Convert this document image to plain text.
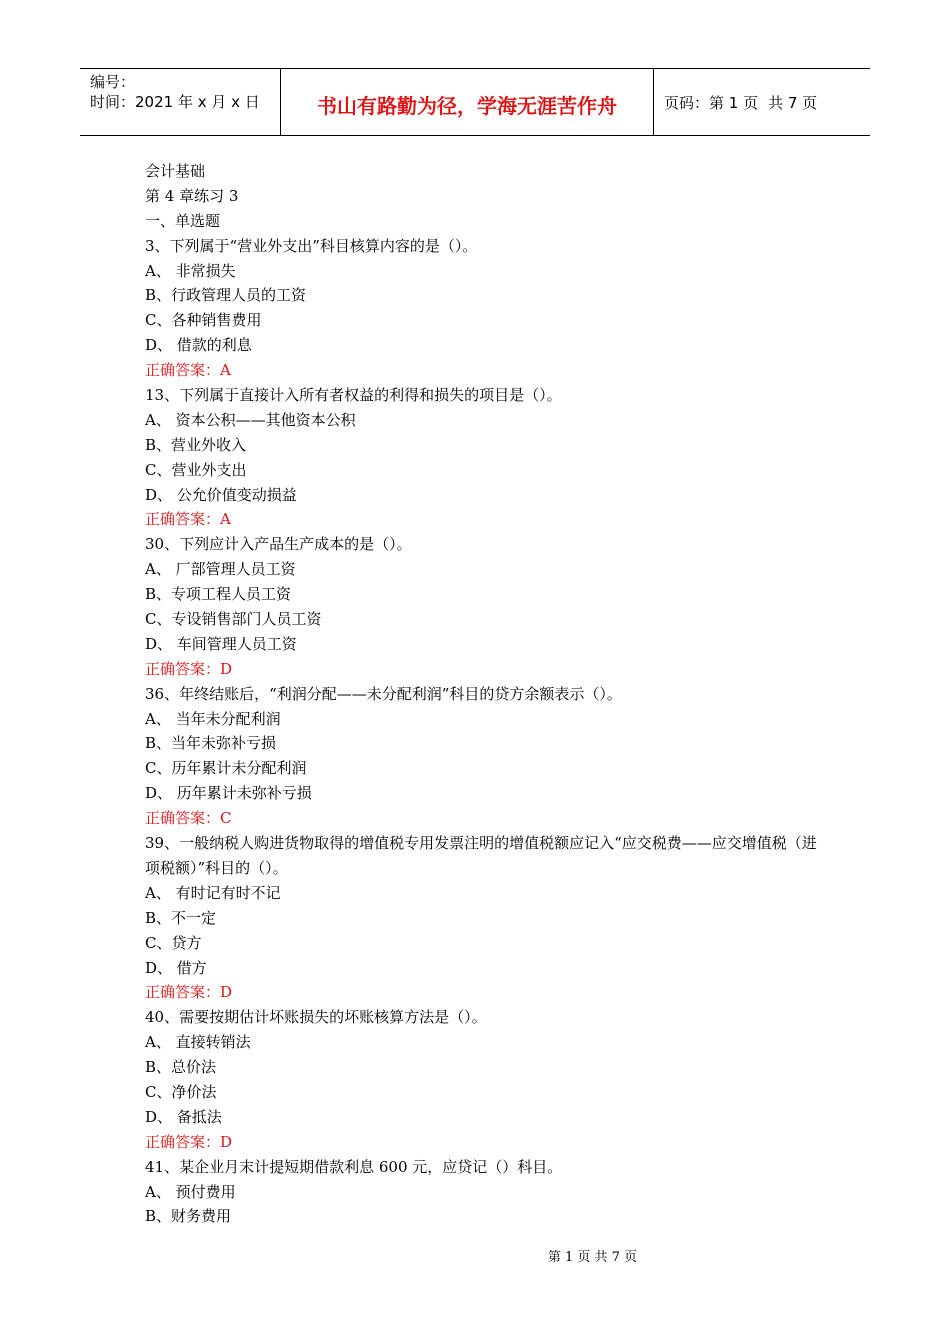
编号：
时间：2021 年 x 月 x 日	书山有路勤为径，学海无涯苦作舟	页码：第 1 页 共 7 页
会计基础
第 4 章练习 3
一、单选题
3、下列属于“营业外支出”科目核算内容的是（）。
A、 非常损失
B、行政管理人员的工资
C、各种销售费用
D、 借款的利息
正确答案：A
13、下列属于直接计入所有者权益的利得和损失的项目是（）。
A、 资本公积——其他资本公积
B、营业外收入
C、营业外支出
D、 公允价值变动损益
正确答案：A
30、下列应计入产品生产成本的是（）。
A、 厂部管理人员工资
B、专项工程人员工资
C、专设销售部门人员工资
D、 车间管理人员工资
正确答案：D
36、年终结账后，“利润分配——未分配利润”科目的贷方余额表示（）。
A、 当年未分配利润
B、当年未弥补亏损
C、历年累计未分配利润
D、 历年累计未弥补亏损
正确答案：C
39、一般纳税人购进货物取得的增值税专用发票注明的增值税额应记入“应交税费——应交增值税（进项税额）”科目的（）。
A、 有时记有时不记
B、不一定
C、贷方
D、 借方
正确答案：D
40、需要按期估计坏账损失的坏账核算方法是（）。
A、 直接转销法
B、总价法
C、净价法
D、 备抵法
正确答案：D
41、某企业月末计提短期借款利息 600 元，应贷记（）科目。
A、 预付费用
B、财务费用
第 1 页 共 7 页
